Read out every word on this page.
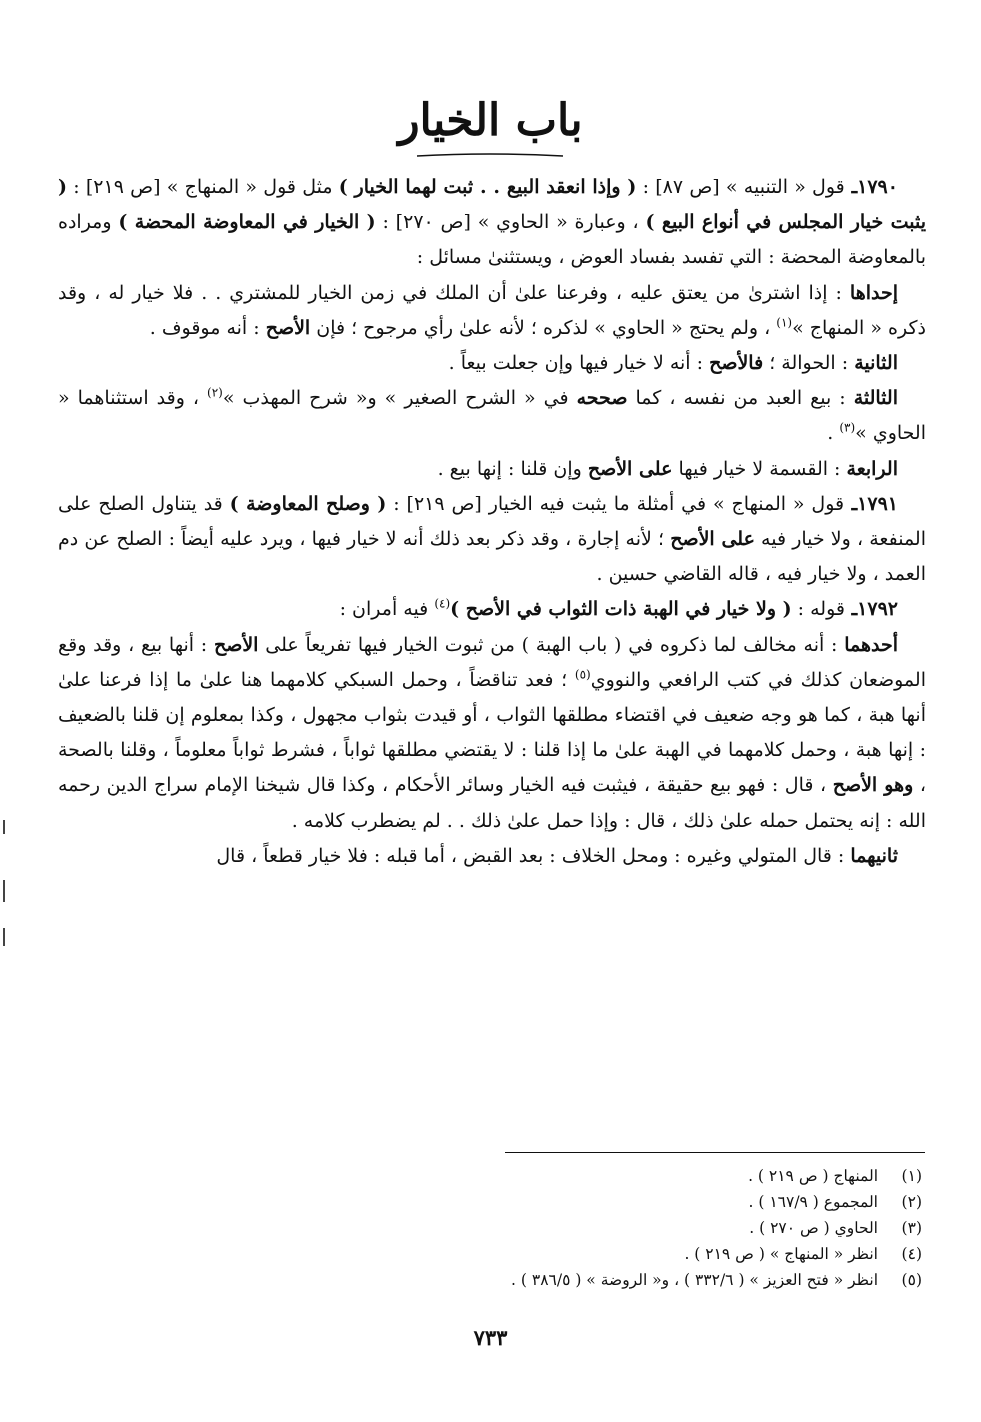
باب الخيار

١٧٩٠ـ قول « التنبيه » [ص ٨٧] : ( وإذا انعقد البيع . . ثبت لهما الخيار ) مثل قول « المنهاج » [ص ٢١٩] : ( يثبت خيار المجلس في أنواع البيع ) ، وعبارة « الحاوي » [ص ٢٧٠] : ( الخيار في المعاوضة المحضة ) ومراده بالمعاوضة المحضة : التي تفسد بفساد العوض ، ويستثنىٰ مسائل :

إحداها : إذا اشترىٰ من يعتق عليه ، وفرعنا علىٰ أن الملك في زمن الخيار للمشتري . . فلا خيار له ، وقد ذكره « المنهاج »$^{(١)}$ ، ولم يحتج « الحاوي » لذكره ؛ لأنه علىٰ رأي مرجوح ؛ فإن الأصح : أنه موقوف .

الثانية : الحوالة ؛ فالأصح : أنه لا خيار فيها وإن جعلت بيعاً .

الثالثة : بيع العبد من نفسه ، كما صححه في « الشرح الصغير » و« شرح المهذب »$^{(٢)}$ ، وقد استثناهما « الحاوي »$^{(٣)}$ .

الرابعة : القسمة لا خيار فيها على الأصح وإن قلنا : إنها بيع .

١٧٩١ـ قول « المنهاج » في أمثلة ما يثبت فيه الخيار [ص ٢١٩] : ( وصلح المعاوضة ) قد يتناول الصلح على المنفعة ، ولا خيار فيه على الأصح ؛ لأنه إجارة ، وقد ذكر بعد ذلك أنه لا خيار فيها ، ويرد عليه أيضاً : الصلح عن دم العمد ، ولا خيار فيه ، قاله القاضي حسين .

١٧٩٢ـ قوله : ( ولا خيار في الهبة ذات الثواب في الأصح )$^{(٤)}$ فيه أمران :

أحدهما : أنه مخالف لما ذكروه في ( باب الهبة ) من ثبوت الخيار فيها تفريعاً على الأصح : أنها بيع ، وقد وقع الموضعان كذلك في كتب الرافعي والنووي$^{(٥)}$ ؛ فعد تناقضاً ، وحمل السبكي كلامهما هنا علىٰ ما إذا فرعنا علىٰ أنها هبة ، كما هو وجه ضعيف في اقتضاء مطلقها الثواب ، أو قيدت بثواب مجهول ، وكذا بمعلوم إن قلنا بالضعيف : إنها هبة ، وحمل كلامهما في الهبة علىٰ ما إذا قلنا : لا يقتضي مطلقها ثواباً ، فشرط ثواباً معلوماً ، وقلنا بالصحة ، وهو الأصح ، قال : فهو بيع حقيقة ، فيثبت فيه الخيار وسائر الأحكام ، وكذا قال شيخنا الإمام سراج الدين رحمه الله : إنه يحتمل حمله علىٰ ذلك ، قال : وإذا حمل علىٰ ذلك . . لم يضطرب كلامه .

ثانيهما : قال المتولي وغيره : ومحل الخلاف : بعد القبض ، أما قبله : فلا خيار قطعاً ، قال

(١)المنهاج ( ص ٢١٩ ) .
(٢)المجموع ( ١٦٧/٩ ) .
(٣)الحاوي ( ص ٢٧٠ ) .
(٤)انظر « المنهاج » ( ص ٢١٩ ) .
(٥)انظر « فتح العزيز » ( ٣٣٢/٦ ) ، و« الروضة » ( ٣٨٦/٥ ) .
٧٣٣
